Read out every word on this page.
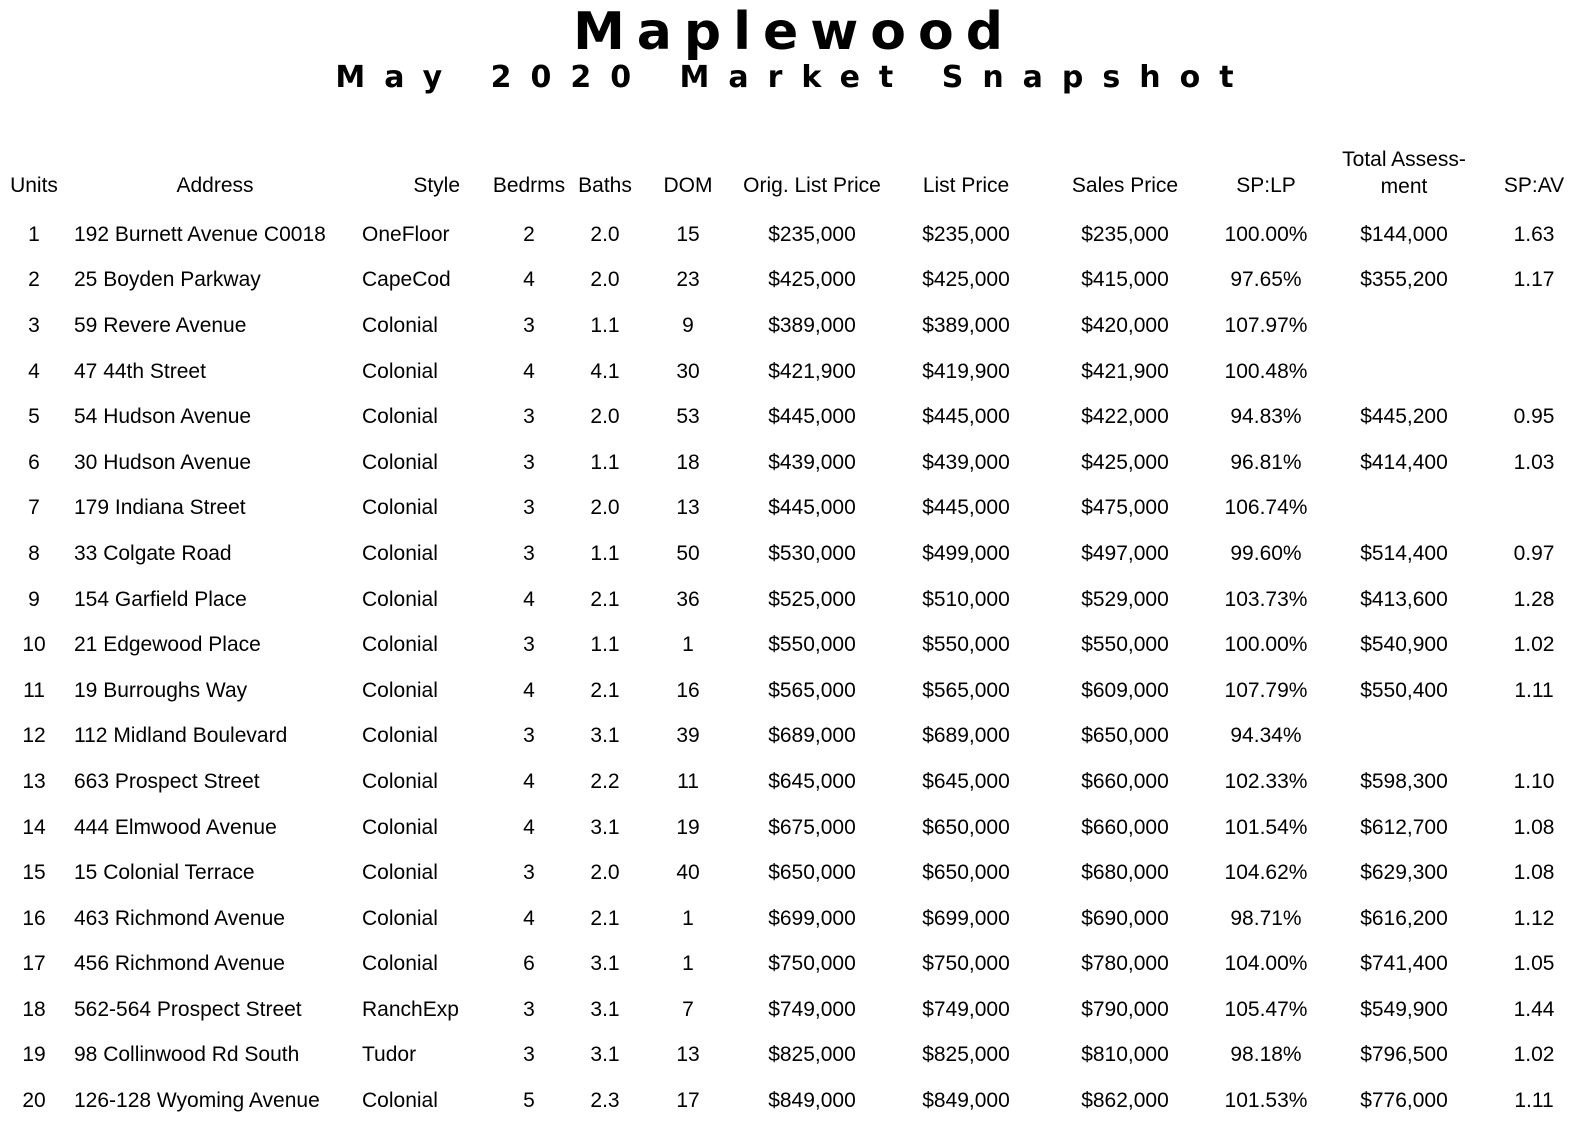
Maplewood
May 2020 Market Snapshot
Units	Address	Style	Bedrms	Baths	DOM	Orig. List Price	List Price	Sales Price	SP:LP	Total Assess-
ment	SP:AV
1	192 Burnett Avenue C0018	OneFloor	2	2.0	15	$235,000	$235,000	$235,000	100.00%	$144,000	1.63
2	25 Boyden Parkway	CapeCod	4	2.0	23	$425,000	$425,000	$415,000	97.65%	$355,200	1.17
3	59 Revere Avenue	Colonial	3	1.1	9	$389,000	$389,000	$420,000	107.97%		
4	47 44th Street	Colonial	4	4.1	30	$421,900	$419,900	$421,900	100.48%		
5	54 Hudson Avenue	Colonial	3	2.0	53	$445,000	$445,000	$422,000	94.83%	$445,200	0.95
6	30 Hudson Avenue	Colonial	3	1.1	18	$439,000	$439,000	$425,000	96.81%	$414,400	1.03
7	179 Indiana Street	Colonial	3	2.0	13	$445,000	$445,000	$475,000	106.74%		
8	33 Colgate Road	Colonial	3	1.1	50	$530,000	$499,000	$497,000	99.60%	$514,400	0.97
9	154 Garfield Place	Colonial	4	2.1	36	$525,000	$510,000	$529,000	103.73%	$413,600	1.28
10	21 Edgewood Place	Colonial	3	1.1	1	$550,000	$550,000	$550,000	100.00%	$540,900	1.02
11	19 Burroughs Way	Colonial	4	2.1	16	$565,000	$565,000	$609,000	107.79%	$550,400	1.11
12	112 Midland Boulevard	Colonial	3	3.1	39	$689,000	$689,000	$650,000	94.34%		
13	663 Prospect Street	Colonial	4	2.2	11	$645,000	$645,000	$660,000	102.33%	$598,300	1.10
14	444 Elmwood Avenue	Colonial	4	3.1	19	$675,000	$650,000	$660,000	101.54%	$612,700	1.08
15	15 Colonial Terrace	Colonial	3	2.0	40	$650,000	$650,000	$680,000	104.62%	$629,300	1.08
16	463 Richmond Avenue	Colonial	4	2.1	1	$699,000	$699,000	$690,000	98.71%	$616,200	1.12
17	456 Richmond Avenue	Colonial	6	3.1	1	$750,000	$750,000	$780,000	104.00%	$741,400	1.05
18	562-564 Prospect Street	RanchExp	3	3.1	7	$749,000	$749,000	$790,000	105.47%	$549,900	1.44
19	98 Collinwood Rd South	Tudor	3	3.1	13	$825,000	$825,000	$810,000	98.18%	$796,500	1.02
20	126-128 Wyoming Avenue	Colonial	5	2.3	17	$849,000	$849,000	$862,000	101.53%	$776,000	1.11
